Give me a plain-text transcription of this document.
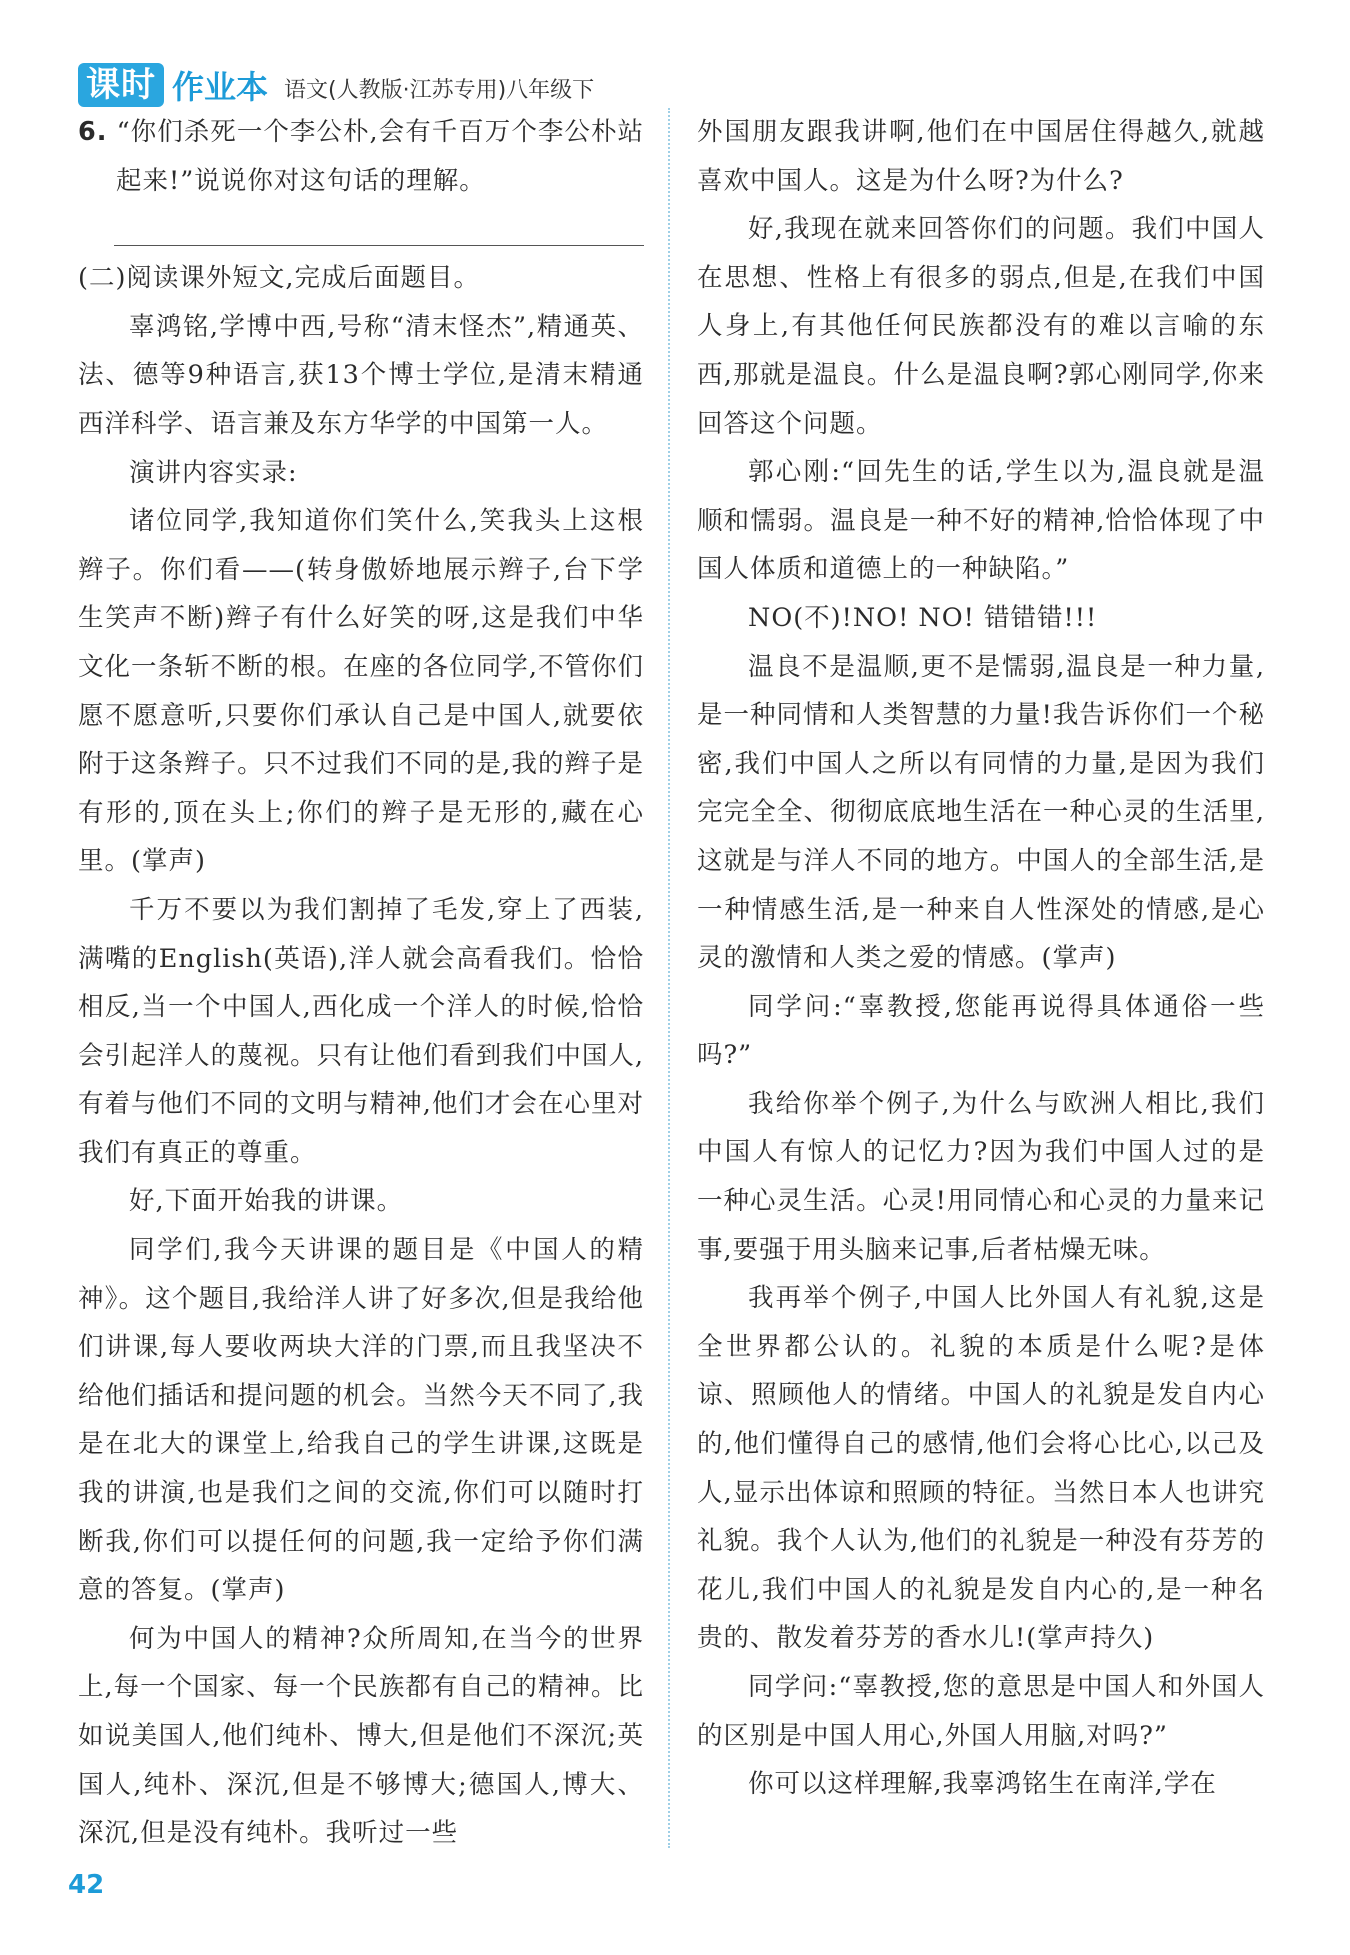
课时 作业本 语文(人教版·江苏专用)八年级下

6. “你们杀死一个李公朴,会有千百万个李公朴站起来!”说说你对这句话的理解。

(二)阅读课外短文,完成后面题目。

辜鸿铭,学博中西,号称“清末怪杰”,精通英、法、德等9种语言,获13个博士学位,是清末精通西洋科学、语言兼及东方华学的中国第一人。

演讲内容实录:

诸位同学,我知道你们笑什么,笑我头上这根辫子。你们看——(转身傲娇地展示辫子,台下学生笑声不断)辫子有什么好笑的呀,这是我们中华文化一条斩不断的根。在座的各位同学,不管你们愿不愿意听,只要你们承认自己是中国人,就要依附于这条辫子。只不过我们不同的是,我的辫子是有形的,顶在头上;你们的辫子是无形的,藏在心里。(掌声)

千万不要以为我们割掉了毛发,穿上了西装,满嘴的English(英语),洋人就会高看我们。恰恰相反,当一个中国人,西化成一个洋人的时候,恰恰会引起洋人的蔑视。只有让他们看到我们中国人,有着与他们不同的文明与精神,他们才会在心里对我们有真正的尊重。

好,下面开始我的讲课。

同学们,我今天讲课的题目是《中国人的精神》。这个题目,我给洋人讲了好多次,但是我给他们讲课,每人要收两块大洋的门票,而且我坚决不给他们插话和提问题的机会。当然今天不同了,我是在北大的课堂上,给我自己的学生讲课,这既是我的讲演,也是我们之间的交流,你们可以随时打断我,你们可以提任何的问题,我一定给予你们满意的答复。(掌声)

何为中国人的精神?众所周知,在当今的世界上,每一个国家、每一个民族都有自己的精神。比如说美国人,他们纯朴、博大,但是他们不深沉;英国人,纯朴、深沉,但是不够博大;德国人,博大、深沉,但是没有纯朴。我听过一些

外国朋友跟我讲啊,他们在中国居住得越久,就越喜欢中国人。这是为什么呀?为什么?

好,我现在就来回答你们的问题。我们中国人在思想、性格上有很多的弱点,但是,在我们中国人身上,有其他任何民族都没有的难以言喻的东西,那就是温良。什么是温良啊?郭心刚同学,你来回答这个问题。

郭心刚:“回先生的话,学生以为,温良就是温顺和懦弱。温良是一种不好的精神,恰恰体现了中国人体质和道德上的一种缺陷。”

NO(不)!NO! NO! 错错错!!!

温良不是温顺,更不是懦弱,温良是一种力量,是一种同情和人类智慧的力量!我告诉你们一个秘密,我们中国人之所以有同情的力量,是因为我们完完全全、彻彻底底地生活在一种心灵的生活里,这就是与洋人不同的地方。中国人的全部生活,是一种情感生活,是一种来自人性深处的情感,是心灵的激情和人类之爱的情感。(掌声)

同学问:“辜教授,您能再说得具体通俗一些吗?”

我给你举个例子,为什么与欧洲人相比,我们中国人有惊人的记忆力?因为我们中国人过的是一种心灵生活。心灵!用同情心和心灵的力量来记事,要强于用头脑来记事,后者枯燥无味。

我再举个例子,中国人比外国人有礼貌,这是全世界都公认的。礼貌的本质是什么呢?是体谅、照顾他人的情绪。中国人的礼貌是发自内心的,他们懂得自己的感情,他们会将心比心,以己及人,显示出体谅和照顾的特征。当然日本人也讲究礼貌。我个人认为,他们的礼貌是一种没有芬芳的花儿,我们中国人的礼貌是发自内心的,是一种名贵的、散发着芬芳的香水儿!(掌声持久)

同学问:“辜教授,您的意思是中国人和外国人的区别是中国人用心,外国人用脑,对吗?”

你可以这样理解,我辜鸿铭生在南洋,学在

42
